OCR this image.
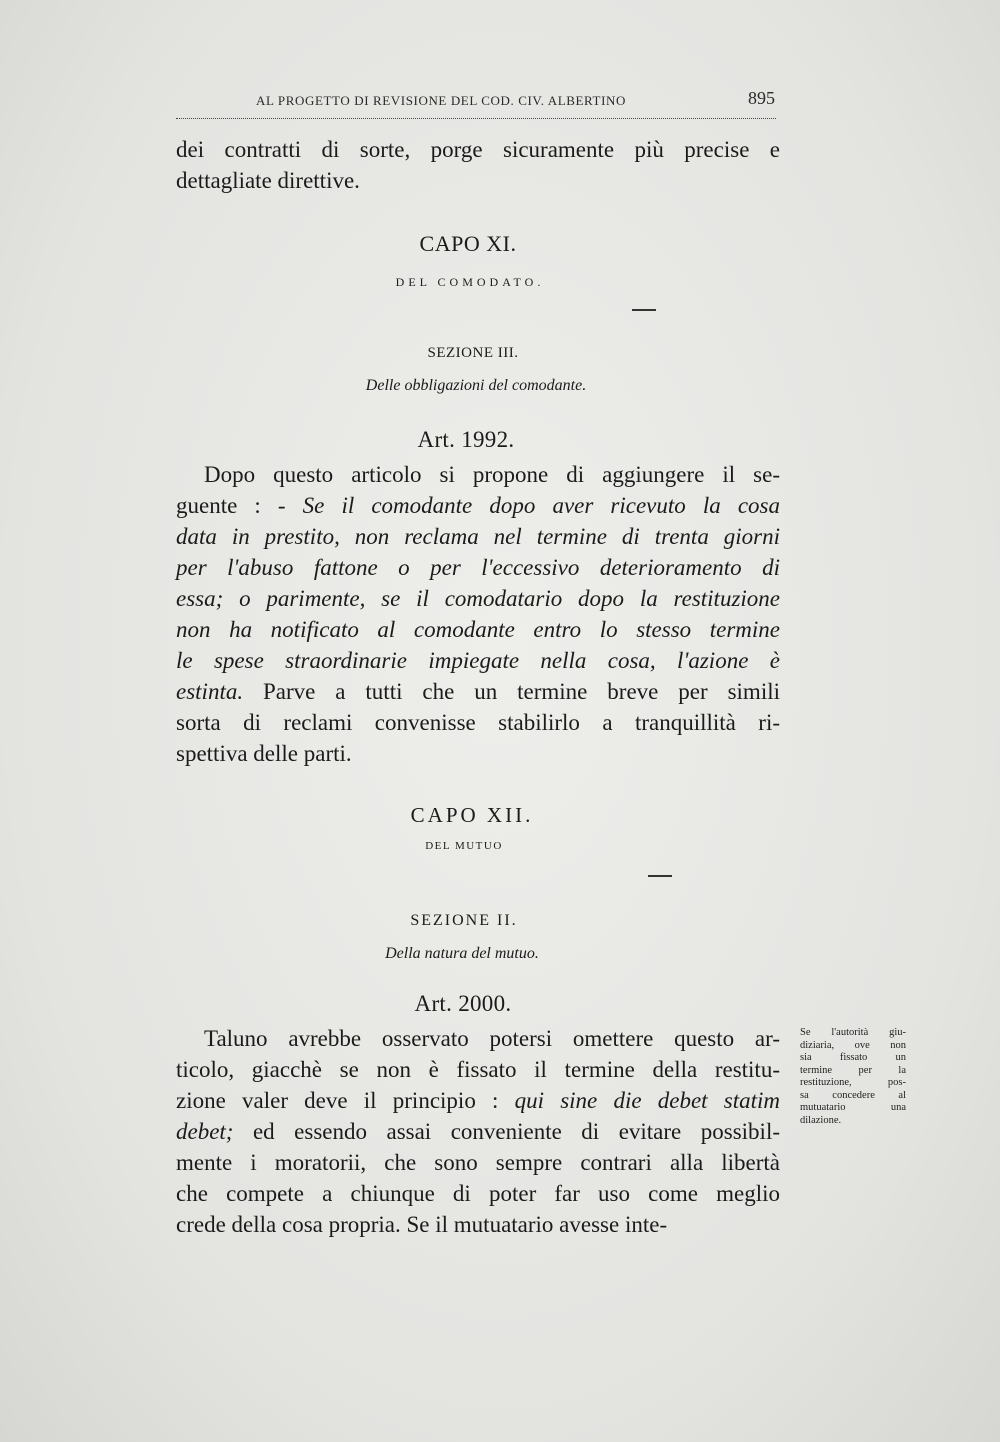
AL PROGETTO DI REVISIONE DEL COD. CIV. ALBERTINO	895
dei contratti di sorte, porge sicuramente più precise e
dettagliate direttive.
CAPO XI.
DEL COMODATO.
SEZIONE III.
Delle obbligazioni del comodante.
Art. 1992.
Dopo questo articolo si propone di aggiungere il se-
guente : - Se il comodante dopo aver ricevuto la cosa
data in prestito, non reclama nel termine di trenta giorni
per l'abuso fattone o per l'eccessivo deterioramento di
essa; o parimente, se il comodatario dopo la restituzione
non ha notificato al comodante entro lo stesso termine
le spese straordinarie impiegate nella cosa, l'azione è
estinta. Parve a tutti che un termine breve per simili
sorta di reclami convenisse stabilirlo a tranquillità ri-
spettiva delle parti.
CAPO XII.
DEL MUTUO
SEZIONE II.
Della natura del mutuo.
Art. 2000.
Taluno avrebbe osservato potersi omettere questo ar-
ticolo, giacchè se non è fissato il termine della restitu-
zione valer deve il principio : qui sine die debet statim
debet; ed essendo assai conveniente di evitare possibil-
mente i moratorii, che sono sempre contrari alla libertà
che compete a chiunque di poter far uso come meglio
crede della cosa propria. Se il mutuatario avesse inte-
Se l'autorità giu-
diziaria, ove non
sia fissato un
termine per la
restituzione, pos-
sa concedere al
mutuatario una
dilazione.
